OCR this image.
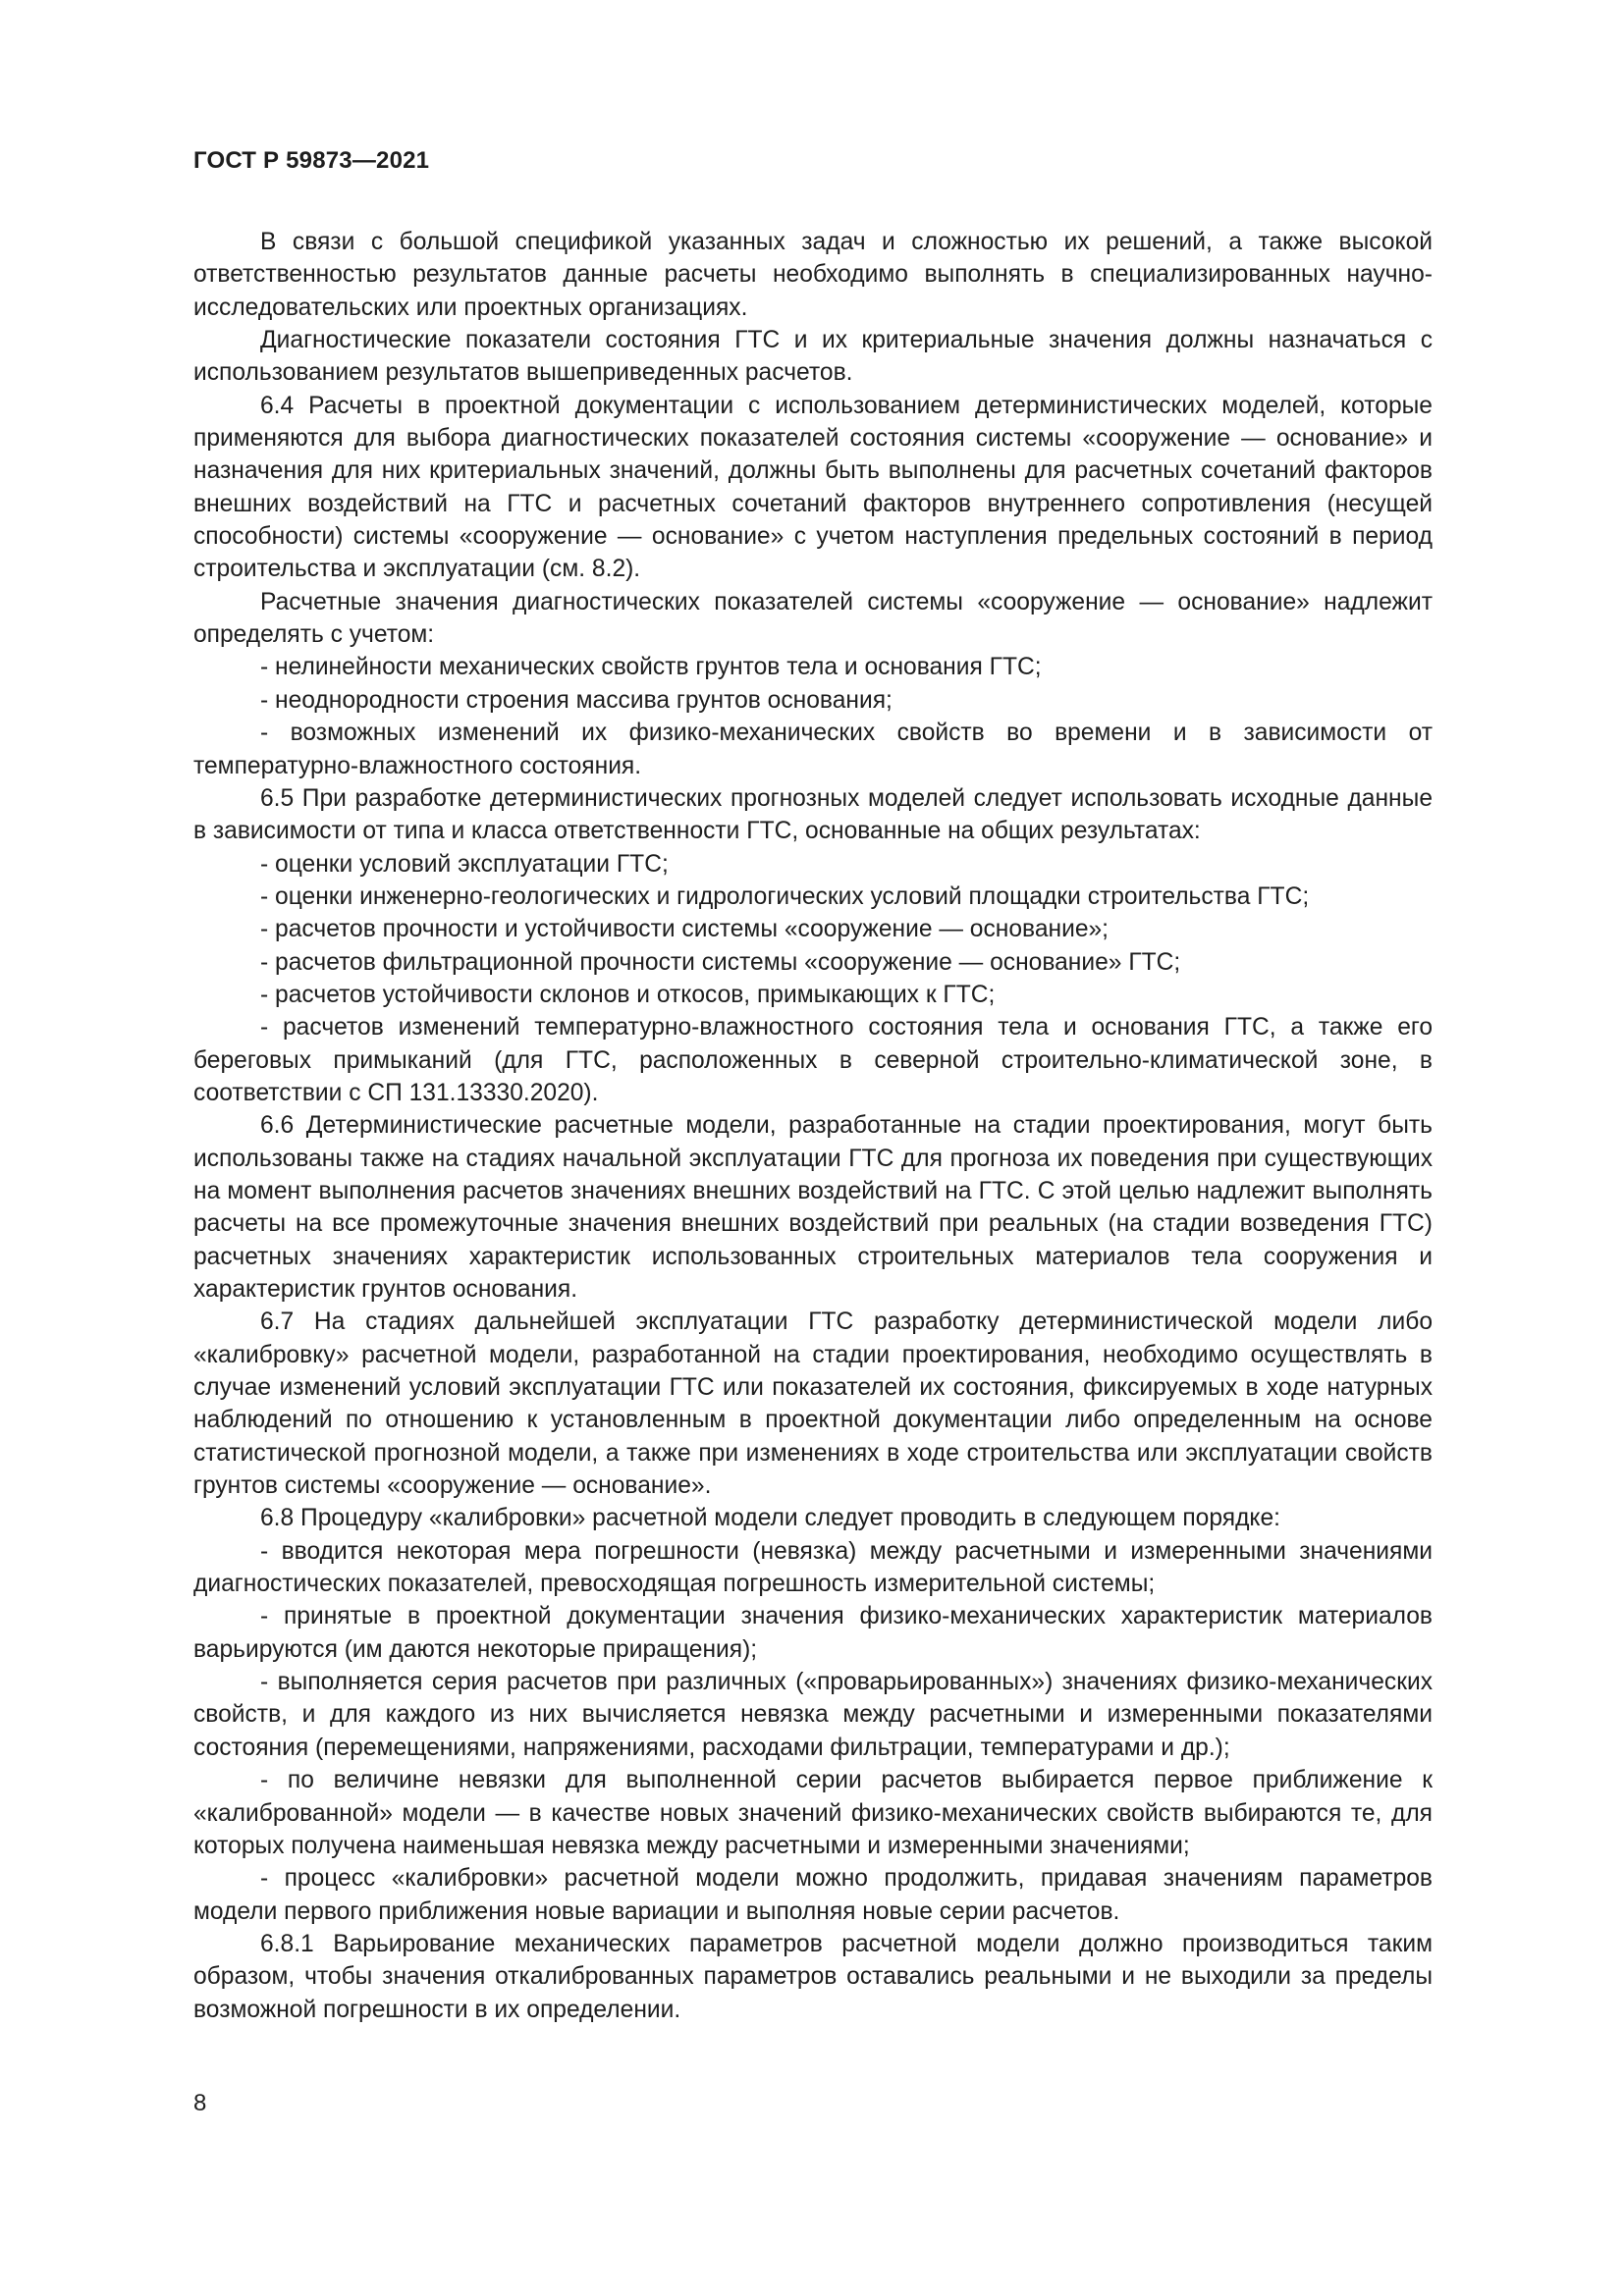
ГОСТ Р 59873—2021

В связи с большой спецификой указанных задач и сложностью их решений, а также высокой ответственностью результатов данные расчеты необходимо выполнять в специализированных научно-исследовательских или проектных организациях.

Диагностические показатели состояния ГТС и их критериальные значения должны назначаться с использованием результатов вышеприведенных расчетов.

6.4 Расчеты в проектной документации с использованием детерминистических моделей, которые применяются для выбора диагностических показателей состояния системы «сооружение — основание» и назначения для них критериальных значений, должны быть выполнены для расчетных сочетаний факторов внешних воздействий на ГТС и расчетных сочетаний факторов внутреннего сопротивления (несущей способности) системы «сооружение — основание» с учетом наступления предельных состояний в период строительства и эксплуатации (см. 8.2).

Расчетные значения диагностических показателей системы «сооружение — основание» надлежит определять с учетом:

- нелинейности механических свойств грунтов тела и основания ГТС;

- неоднородности строения массива грунтов основания;

- возможных изменений их физико-механических свойств во времени и в зависимости от температурно-влажностного состояния.

6.5 При разработке детерминистических прогнозных моделей следует использовать исходные данные в зависимости от типа и класса ответственности ГТС, основанные на общих результатах:

- оценки условий эксплуатации ГТС;

- оценки инженерно-геологических и гидрологических условий площадки строительства ГТС;

- расчетов прочности и устойчивости системы «сооружение — основание»;

- расчетов фильтрационной прочности системы «сооружение — основание» ГТС;

- расчетов устойчивости склонов и откосов, примыкающих к ГТС;

- расчетов изменений температурно-влажностного состояния тела и основания ГТС, а также его береговых примыканий (для ГТС, расположенных в северной строительно-климатической зоне, в соответствии с СП 131.13330.2020).

6.6 Детерминистические расчетные модели, разработанные на стадии проектирования, могут быть использованы также на стадиях начальной эксплуатации ГТС для прогноза их поведения при существующих на момент выполнения расчетов значениях внешних воздействий на ГТС. С этой целью надлежит выполнять расчеты на все промежуточные значения внешних воздействий при реальных (на стадии возведения ГТС) расчетных значениях характеристик использованных строительных материалов тела сооружения и характеристик грунтов основания.

6.7 На стадиях дальнейшей эксплуатации ГТС разработку детерминистической модели либо «калибровку» расчетной модели, разработанной на стадии проектирования, необходимо осуществлять в случае изменений условий эксплуатации ГТС или показателей их состояния, фиксируемых в ходе натурных наблюдений по отношению к установленным в проектной документации либо определенным на основе статистической прогнозной модели, а также при изменениях в ходе строительства или эксплуатации свойств грунтов системы «сооружение — основание».

6.8 Процедуру «калибровки» расчетной модели следует проводить в следующем порядке:

- вводится некоторая мера погрешности (невязка) между расчетными и измеренными значениями диагностических показателей, превосходящая погрешность измерительной системы;

- принятые в проектной документации значения физико-механических характеристик материалов варьируются (им даются некоторые приращения);

- выполняется серия расчетов при различных («проварьированных») значениях физико-механических свойств, и для каждого из них вычисляется невязка между расчетными и измеренными показателями состояния (перемещениями, напряжениями, расходами фильтрации, температурами и др.);

- по величине невязки для выполненной серии расчетов выбирается первое приближение к «калиброванной» модели — в качестве новых значений физико-механических свойств выбираются те, для которых получена наименьшая невязка между расчетными и измеренными значениями;

- процесс «калибровки» расчетной модели можно продолжить, придавая значениям параметров модели первого приближения новые вариации и выполняя новые серии расчетов.

6.8.1 Варьирование механических параметров расчетной модели должно производиться таким образом, чтобы значения откалиброванных параметров оставались реальными и не выходили за пределы возможной погрешности в их определении.

8
